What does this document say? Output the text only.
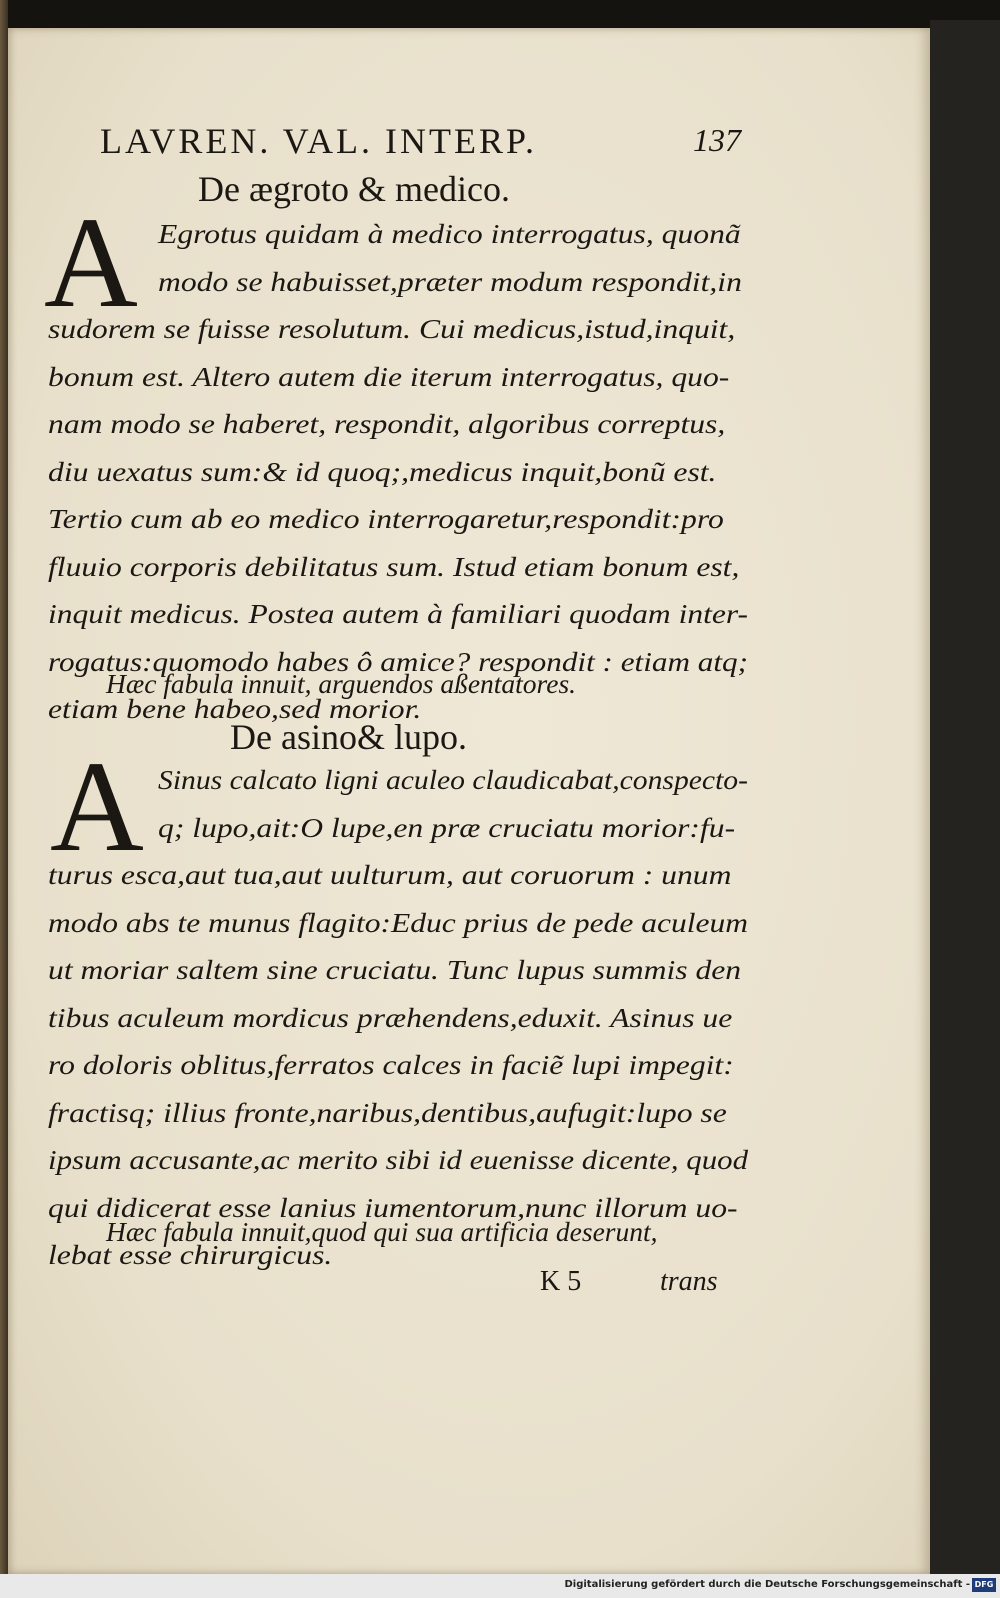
LAVREN. VAL. INTERP.	137
De ægroto & medico.
A Egrotus quidam à medico interrogatus, quonã
modo se habuisset,præter modum respondit,in
sudorem se fuisse resolutum. Cui medicus,istud,inquit,
bonum est. Altero autem die iterum interrogatus, quo-
nam modo se haberet, respondit, algoribus correptus,
diu uexatus sum:& id quoq;,medicus inquit,bonũ est.
Tertio cum ab eo medico interrogaretur,respondit:pro
fluuio corporis debilitatus sum. Istud etiam bonum est,
inquit medicus. Postea autem à familiari quodam inter-
rogatus:quomodo habes ô amice? respondit : etiam atq;
etiam bene habeo,sed morior.
Hæc fabula innuit, arguendos aßentatores.
De asino& lupo.
A Sinus calcato ligni aculeo claudicabat,conspecto-
q; lupo,ait:O lupe,en præ cruciatu morior:fu-
turus esca,aut tua,aut uulturum, aut coruorum : unum
modo abs te munus flagito:Educ prius de pede aculeum
ut moriar saltem sine cruciatu. Tunc lupus summis den
tibus aculeum mordicus præhendens,eduxit. Asinus ue
ro doloris oblitus,ferratos calces in faciẽ lupi impegit:
fractisq; illius fronte,naribus,dentibus,aufugit:lupo se
ipsum accusante,ac merito sibi id euenisse dicente, quod
qui didicerat esse lanius iumentorum,nunc illorum uo-
lebat esse chirurgicus.
Hæc fabula innuit,quod qui sua artificia deserunt,
K 5	trans
Digitalisierung gefördert durch die Deutsche Forschungsgemeinschaft - DFG
